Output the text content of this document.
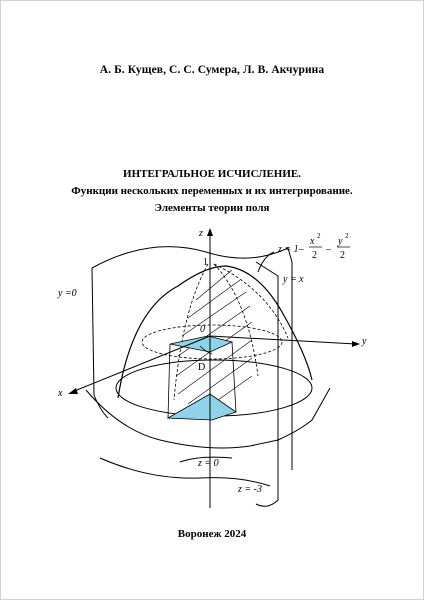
А. Б. Кущев, С. С. Сумера, Л. В. Акчурина
ИНТЕГРАЛЬНОЕ ИСЧИСЛЕНИЕ.
Функции нескольких переменных и их интегрирование.
Элементы теории поля
z
y
x
1
0
D
y =0
y = x
z = 0
z = -3
z = 1–
x 2
2
–
y 2
2
Воронеж 2024
